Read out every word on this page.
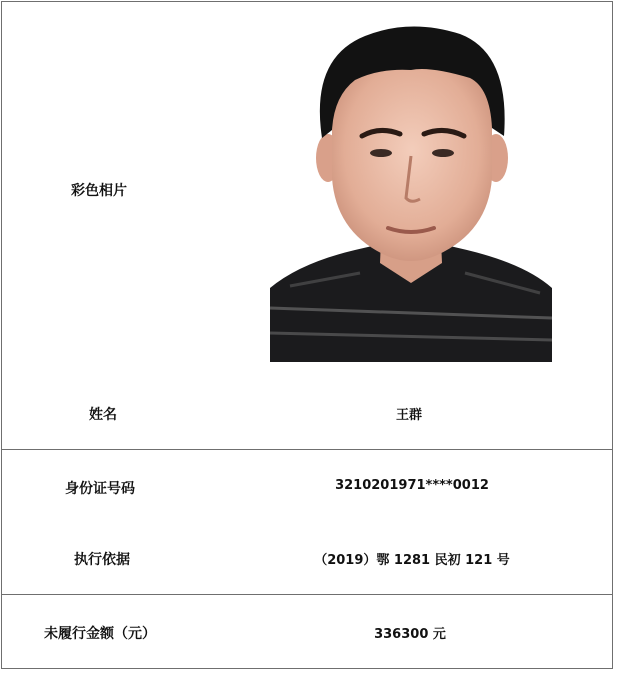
彩色相片
姓名	王群
身份证号码	3210201971****0012
执行依据	（2019）鄂 1281 民初 121 号
未履行金额（元）	336300 元
